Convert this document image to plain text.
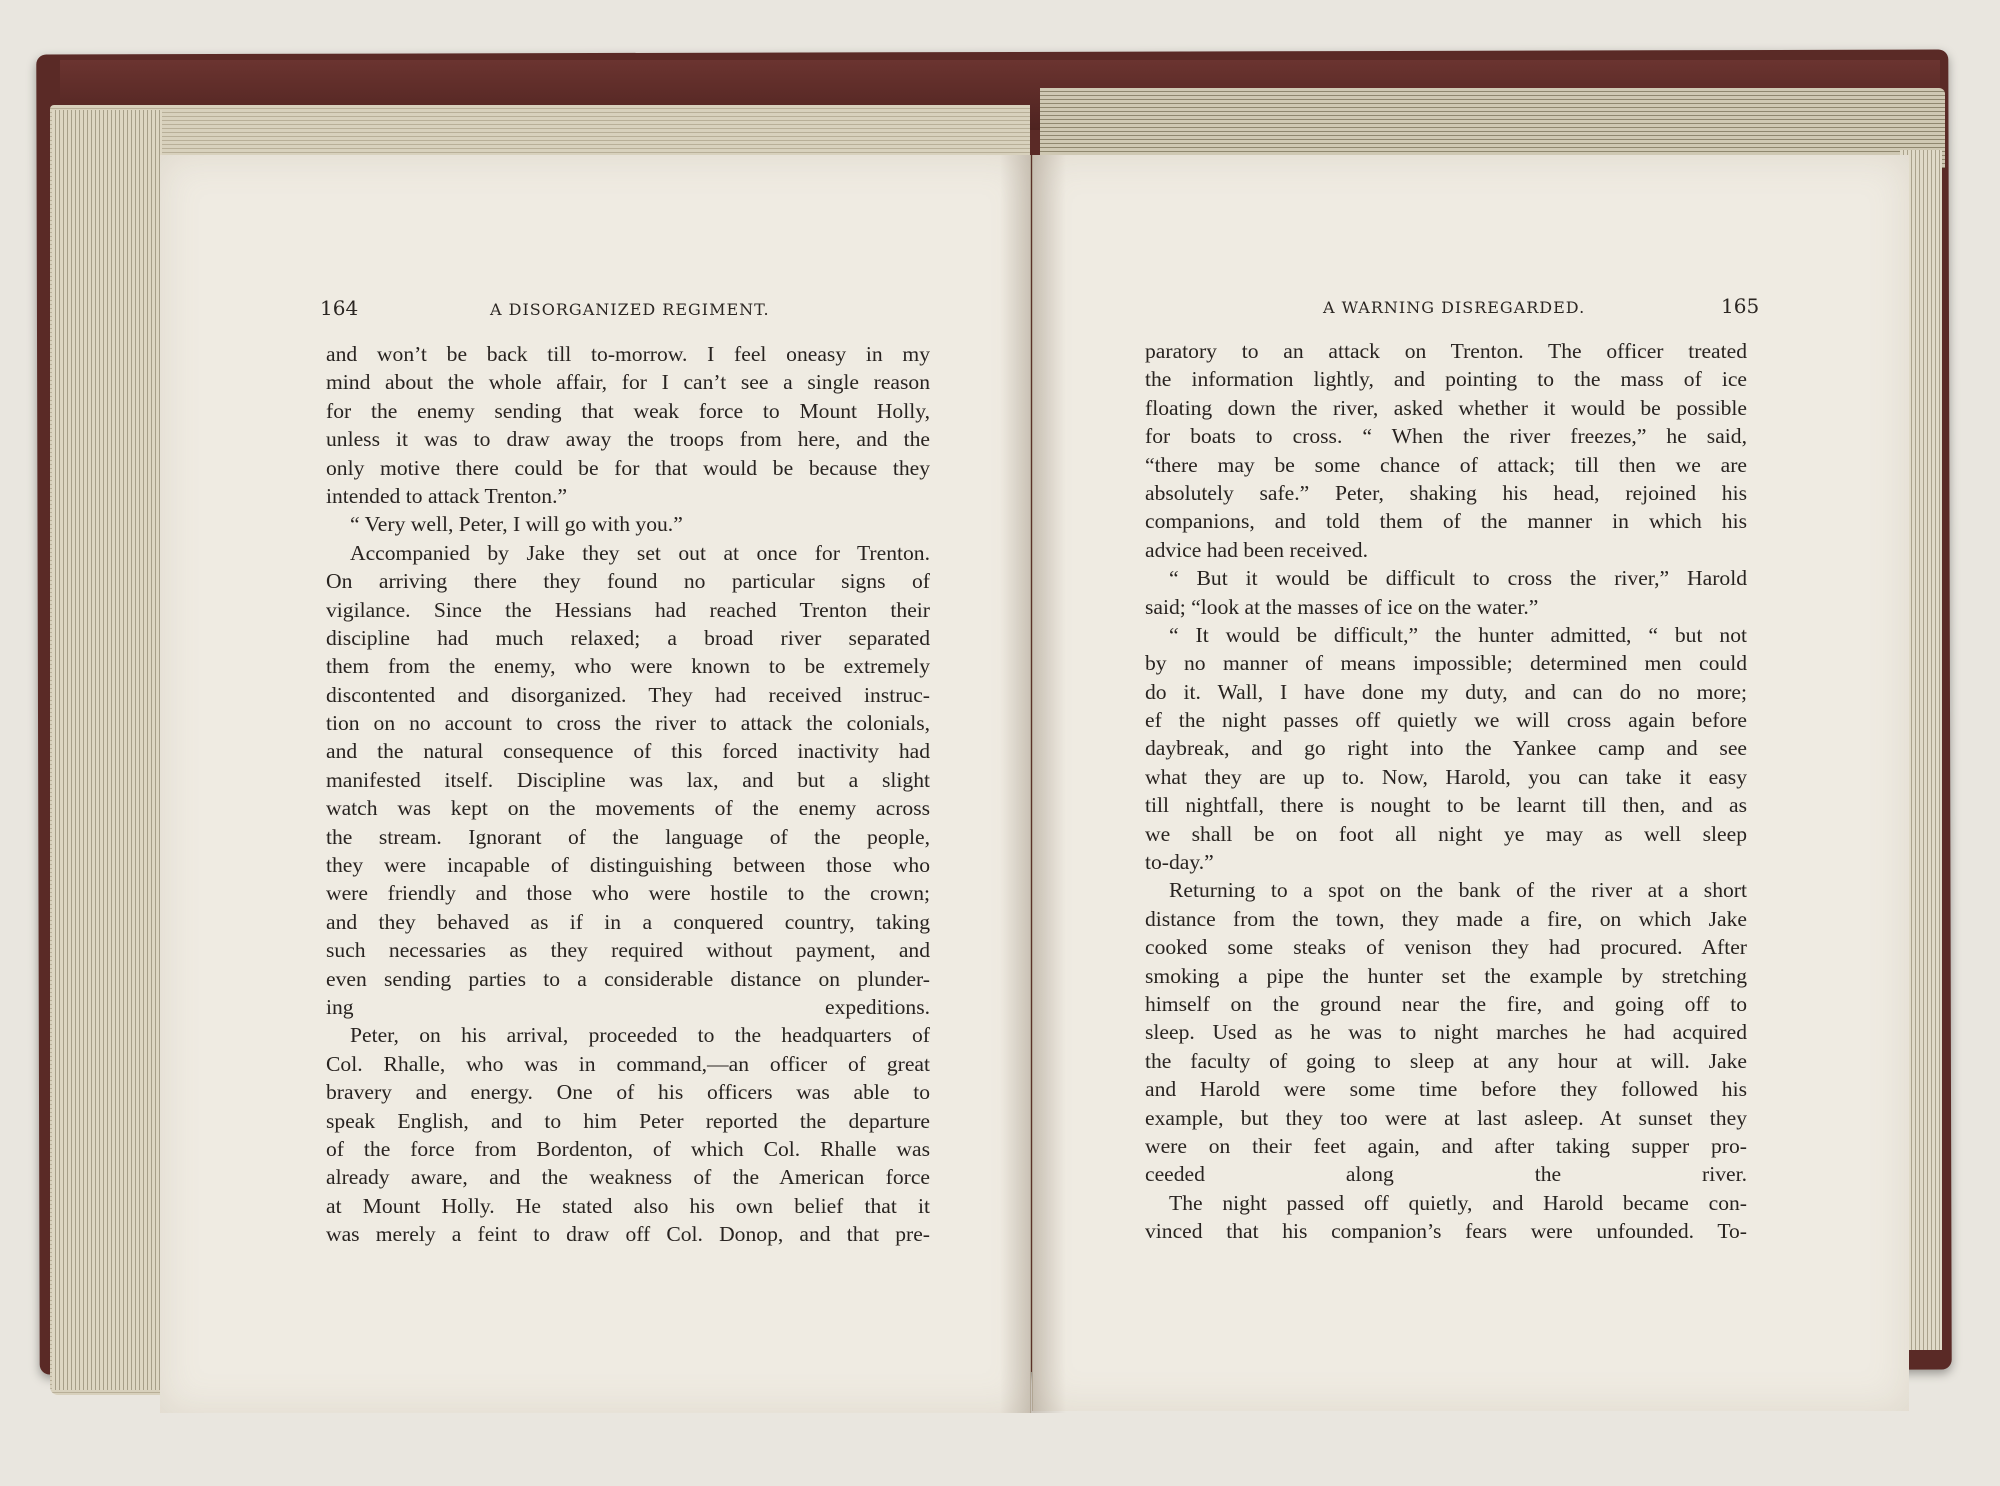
164	A DISORGANIZED REGIMENT.
and won’t be back till to-morrow. I feel oneasy in my
mind about the whole affair, for I can’t see a single reason
for the enemy sending that weak force to Mount Holly,
unless it was to draw away the troops from here, and the
only motive there could be for that would be because they
intended to attack Trenton.”
“ Very well, Peter, I will go with you.”
Accompanied by Jake they set out at once for Trenton.
On arriving there they found no particular signs of
vigilance. Since the Hessians had reached Trenton their
discipline had much relaxed; a broad river separated
them from the enemy, who were known to be extremely
discontented and disorganized. They had received instruc-
tion on no account to cross the river to attack the colonials,
and the natural consequence of this forced inactivity had
manifested itself. Discipline was lax, and but a slight
watch was kept on the movements of the enemy across
the stream. Ignorant of the language of the people,
they were incapable of distinguishing between those who
were friendly and those who were hostile to the crown;
and they behaved as if in a conquered country, taking
such necessaries as they required without payment, and
even sending parties to a considerable distance on plunder-
ing expeditions.
Peter, on his arrival, proceeded to the headquarters of
Col. Rhalle, who was in command,—an officer of great
bravery and energy. One of his officers was able to
speak English, and to him Peter reported the departure
of the force from Bordenton, of which Col. Rhalle was
already aware, and the weakness of the American force
at Mount Holly. He stated also his own belief that it
was merely a feint to draw off Col. Donop, and that pre-
A WARNING DISREGARDED.	165
paratory to an attack on Trenton. The officer treated
the information lightly, and pointing to the mass of ice
floating down the river, asked whether it would be possible
for boats to cross. “ When the river freezes,” he said,
“there may be some chance of attack; till then we are
absolutely safe.” Peter, shaking his head, rejoined his
companions, and told them of the manner in which his
advice had been received.
“ But it would be difficult to cross the river,” Harold
said; “look at the masses of ice on the water.”
“ It would be difficult,” the hunter admitted, “ but not
by no manner of means impossible; determined men could
do it. Wall, I have done my duty, and can do no more;
ef the night passes off quietly we will cross again before
daybreak, and go right into the Yankee camp and see
what they are up to. Now, Harold, you can take it easy
till nightfall, there is nought to be learnt till then, and as
we shall be on foot all night ye may as well sleep
to-day.”
Returning to a spot on the bank of the river at a short
distance from the town, they made a fire, on which Jake
cooked some steaks of venison they had procured. After
smoking a pipe the hunter set the example by stretching
himself on the ground near the fire, and going off to
sleep. Used as he was to night marches he had acquired
the faculty of going to sleep at any hour at will. Jake
and Harold were some time before they followed his
example, but they too were at last asleep. At sunset they
were on their feet again, and after taking supper pro-
ceeded along the river.
The night passed off quietly, and Harold became con-
vinced that his companion’s fears were unfounded. To-
